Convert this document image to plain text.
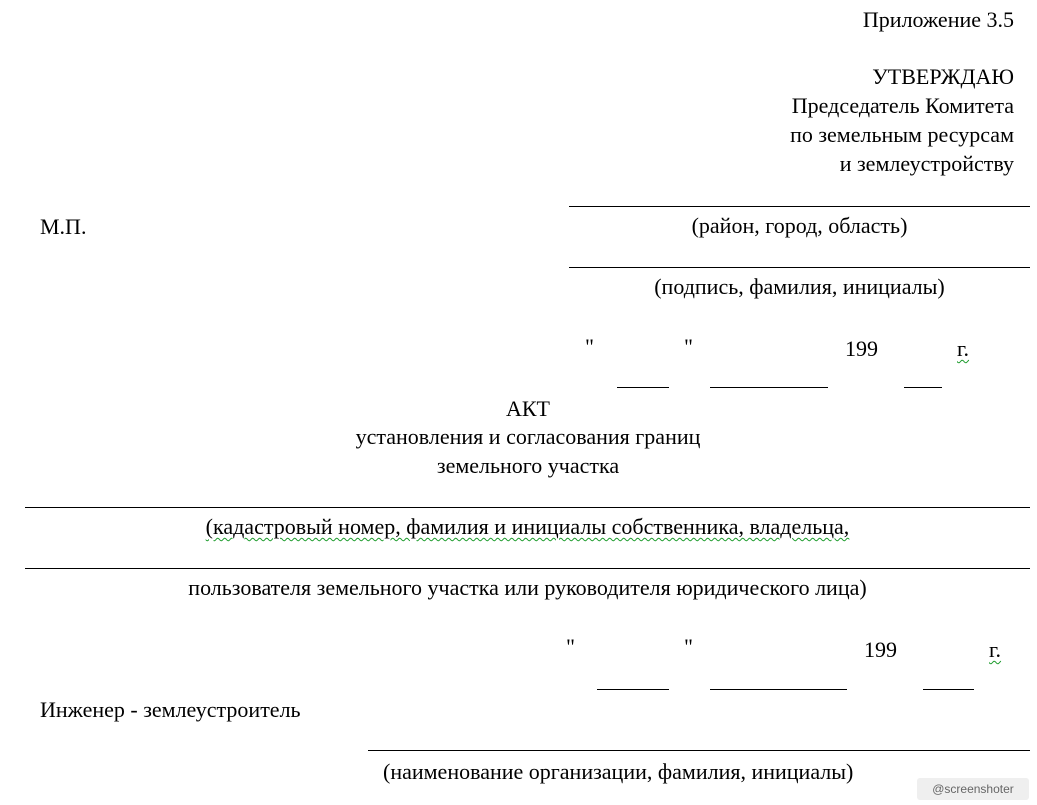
Приложение 3.5
УТВЕРЖДАЮ
Председатель Комитета
по земельным ресурсам
и землеустройству
М.П.	(район, город, область)
(подпись, фамилия, инициалы)
"	"	199	г.
АКТ
установления и согласования границ
земельного участка
(кадастровый номер, фамилия и инициалы собственника, владельца,
пользователя земельного участка или руководителя юридического лица)
"	"	199	г.
Инженер - землеустроитель
(наименование организации, фамилия, инициалы)
@screenshoter
